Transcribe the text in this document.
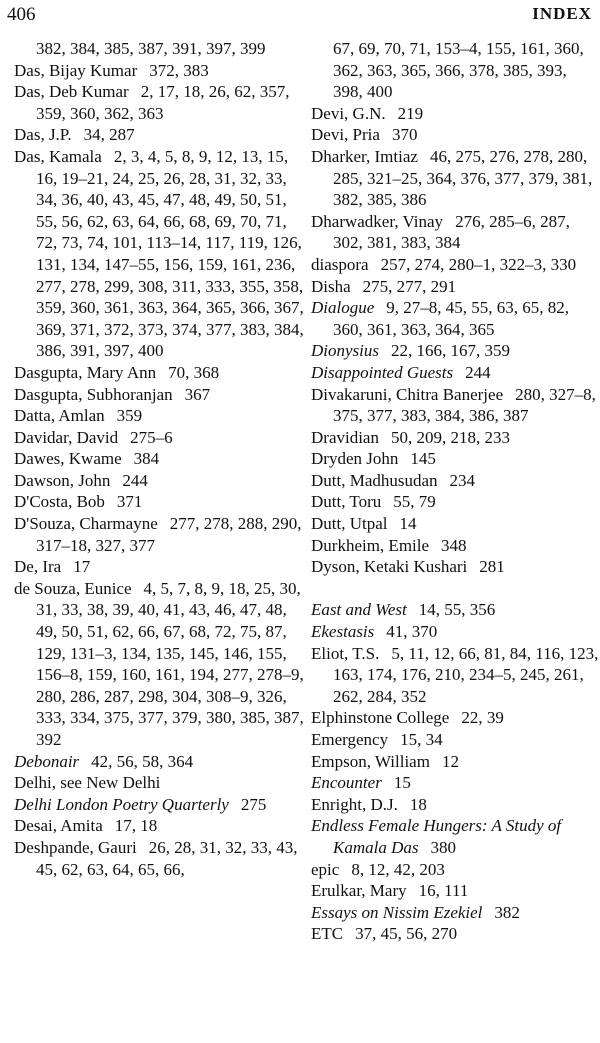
406	INDEX
382, 384, 385, 387, 391, 397, 399
Das, Bijay Kumar 372, 383
Das, Deb Kumar 2, 17, 18, 26, 62, 357, 359, 360, 362, 363
Das, J.P. 34, 287
Das, Kamala 2, 3, 4, 5, 8, 9, 12, 13, 15, 16, 19–21, 24, 25, 26, 28, 31, 32, 33, 34, 36, 40, 43, 45, 47, 48, 49, 50, 51, 55, 56, 62, 63, 64, 66, 68, 69, 70, 71, 72, 73, 74, 101, 113–14, 117, 119, 126, 131, 134, 147–55, 156, 159, 161, 236, 277, 278, 299, 308, 311, 333, 355, 358, 359, 360, 361, 363, 364, 365, 366, 367, 369, 371, 372, 373, 374, 377, 383, 384, 386, 391, 397, 400
Dasgupta, Mary Ann 70, 368
Dasgupta, Subhoranjan 367
Datta, Amlan 359
Davidar, David 275–6
Dawes, Kwame 384
Dawson, John 244
D'Costa, Bob 371
D'Souza, Charmayne 277, 278, 288, 290, 317–18, 327, 377
De, Ira 17
de Souza, Eunice 4, 5, 7, 8, 9, 18, 25, 30, 31, 33, 38, 39, 40, 41, 43, 46, 47, 48, 49, 50, 51, 62, 66, 67, 68, 72, 75, 87, 129, 131–3, 134, 135, 145, 146, 155, 156–8, 159, 160, 161, 194, 277, 278–9, 280, 286, 287, 298, 304, 308–9, 326, 333, 334, 375, 377, 379, 380, 385, 387, 392
Debonair 42, 56, 58, 364
Delhi, see New Delhi
Delhi London Poetry Quarterly 275
Desai, Amita 17, 18
Deshpande, Gauri 26, 28, 31, 32, 33, 43, 45, 62, 63, 64, 65, 66,
67, 69, 70, 71, 153–4, 155, 161, 360, 362, 363, 365, 366, 378, 385, 393, 398, 400
Devi, G.N. 219
Devi, Pria 370
Dharker, Imtiaz 46, 275, 276, 278, 280, 285, 321–25, 364, 376, 377, 379, 381, 382, 385, 386
Dharwadker, Vinay 276, 285–6, 287, 302, 381, 383, 384
diaspora 257, 274, 280–1, 322–3, 330
Disha 275, 277, 291
Dialogue 9, 27–8, 45, 55, 63, 65, 82, 360, 361, 363, 364, 365
Dionysius 22, 166, 167, 359
Disappointed Guests 244
Divakaruni, Chitra Banerjee 280, 327–8, 375, 377, 383, 384, 386, 387
Dravidian 50, 209, 218, 233
Dryden John 145
Dutt, Madhusudan 234
Dutt, Toru 55, 79
Dutt, Utpal 14
Durkheim, Emile 348
Dyson, Ketaki Kushari 281
East and West 14, 55, 356
Ekestasis 41, 370
Eliot, T.S. 5, 11, 12, 66, 81, 84, 116, 123, 163, 174, 176, 210, 234–5, 245, 261, 262, 284, 352
Elphinstone College 22, 39
Emergency 15, 34
Empson, William 12
Encounter 15
Enright, D.J. 18
Endless Female Hungers: A Study of Kamala Das 380
epic 8, 12, 42, 203
Erulkar, Mary 16, 111
Essays on Nissim Ezekiel 382
ETC 37, 45, 56, 270
